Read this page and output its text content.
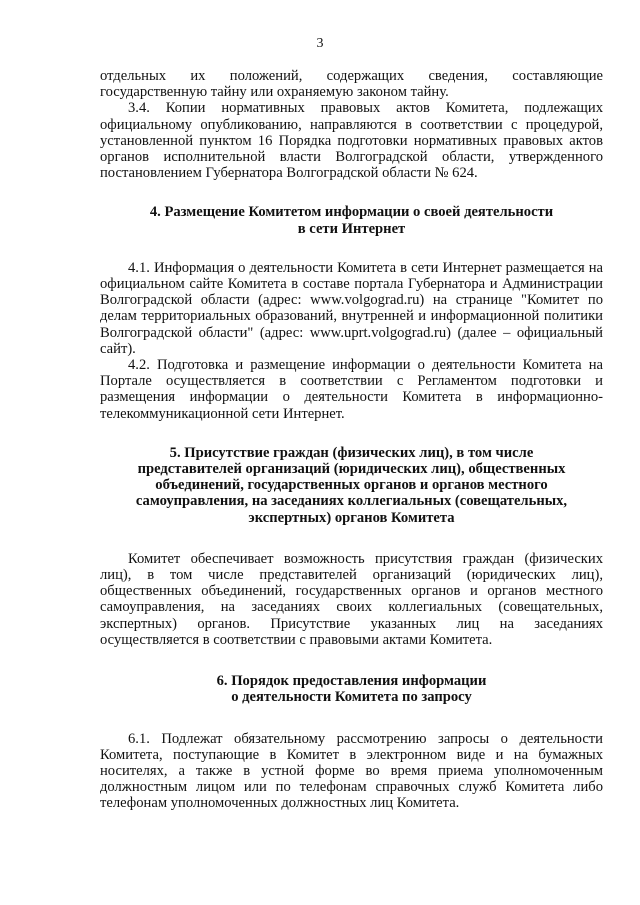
3

отдельных их положений, содержащих сведения, составляющие государственную тайну или охраняемую законом тайну.

3.4. Копии нормативных правовых актов Комитета, подлежащих официальному опубликованию, направляются в соответствии с процедурой, установленной пунктом 16 Порядка подготовки нормативных правовых актов органов исполнительной власти Волгоградской области, утвержденного постановлением Губернатора Волгоградской области № 624.

4. Размещение Комитетом информации о своей деятельности
в сети Интернет

4.1. Информация о деятельности Комитета в сети Интернет размещается на официальном сайте Комитета в составе портала Губернатора и Администрации Волгоградской области (адрес: www.volgograd.ru) на странице "Комитет по делам территориальных образований, внутренней и информационной политики Волгоградской области" (адрес: www.uprt.volgograd.ru) (далее – официальный сайт).

4.2. Подготовка и размещение информации о деятельности Комитета на Портале осуществляется в соответствии с Регламентом подготовки и размещения информации о деятельности Комитета в информационно-телекоммуникационной сети Интернет.

5. Присутствие граждан (физических лиц), в том числе
представителей организаций (юридических лиц), общественных
объединений, государственных органов и органов местного
самоуправления, на заседаниях коллегиальных (совещательных,
экспертных) органов Комитета

Комитет обеспечивает возможность присутствия граждан (физических лиц), в том числе представителей организаций (юридических лиц), общественных объединений, государственных органов и органов местного самоуправления, на заседаниях своих коллегиальных (совещательных, экспертных) органов. Присутствие указанных лиц на заседаниях осуществляется в соответствии с правовыми актами Комитета.

6. Порядок предоставления информации
о деятельности Комитета по запросу

6.1. Подлежат обязательному рассмотрению запросы о деятельности Комитета, поступающие в Комитет в электронном виде и на бумажных носителях, а также в устной форме во время приема уполномоченным должностным лицом или по телефонам справочных служб Комитета либо телефонам уполномоченных должностных лиц Комитета.
